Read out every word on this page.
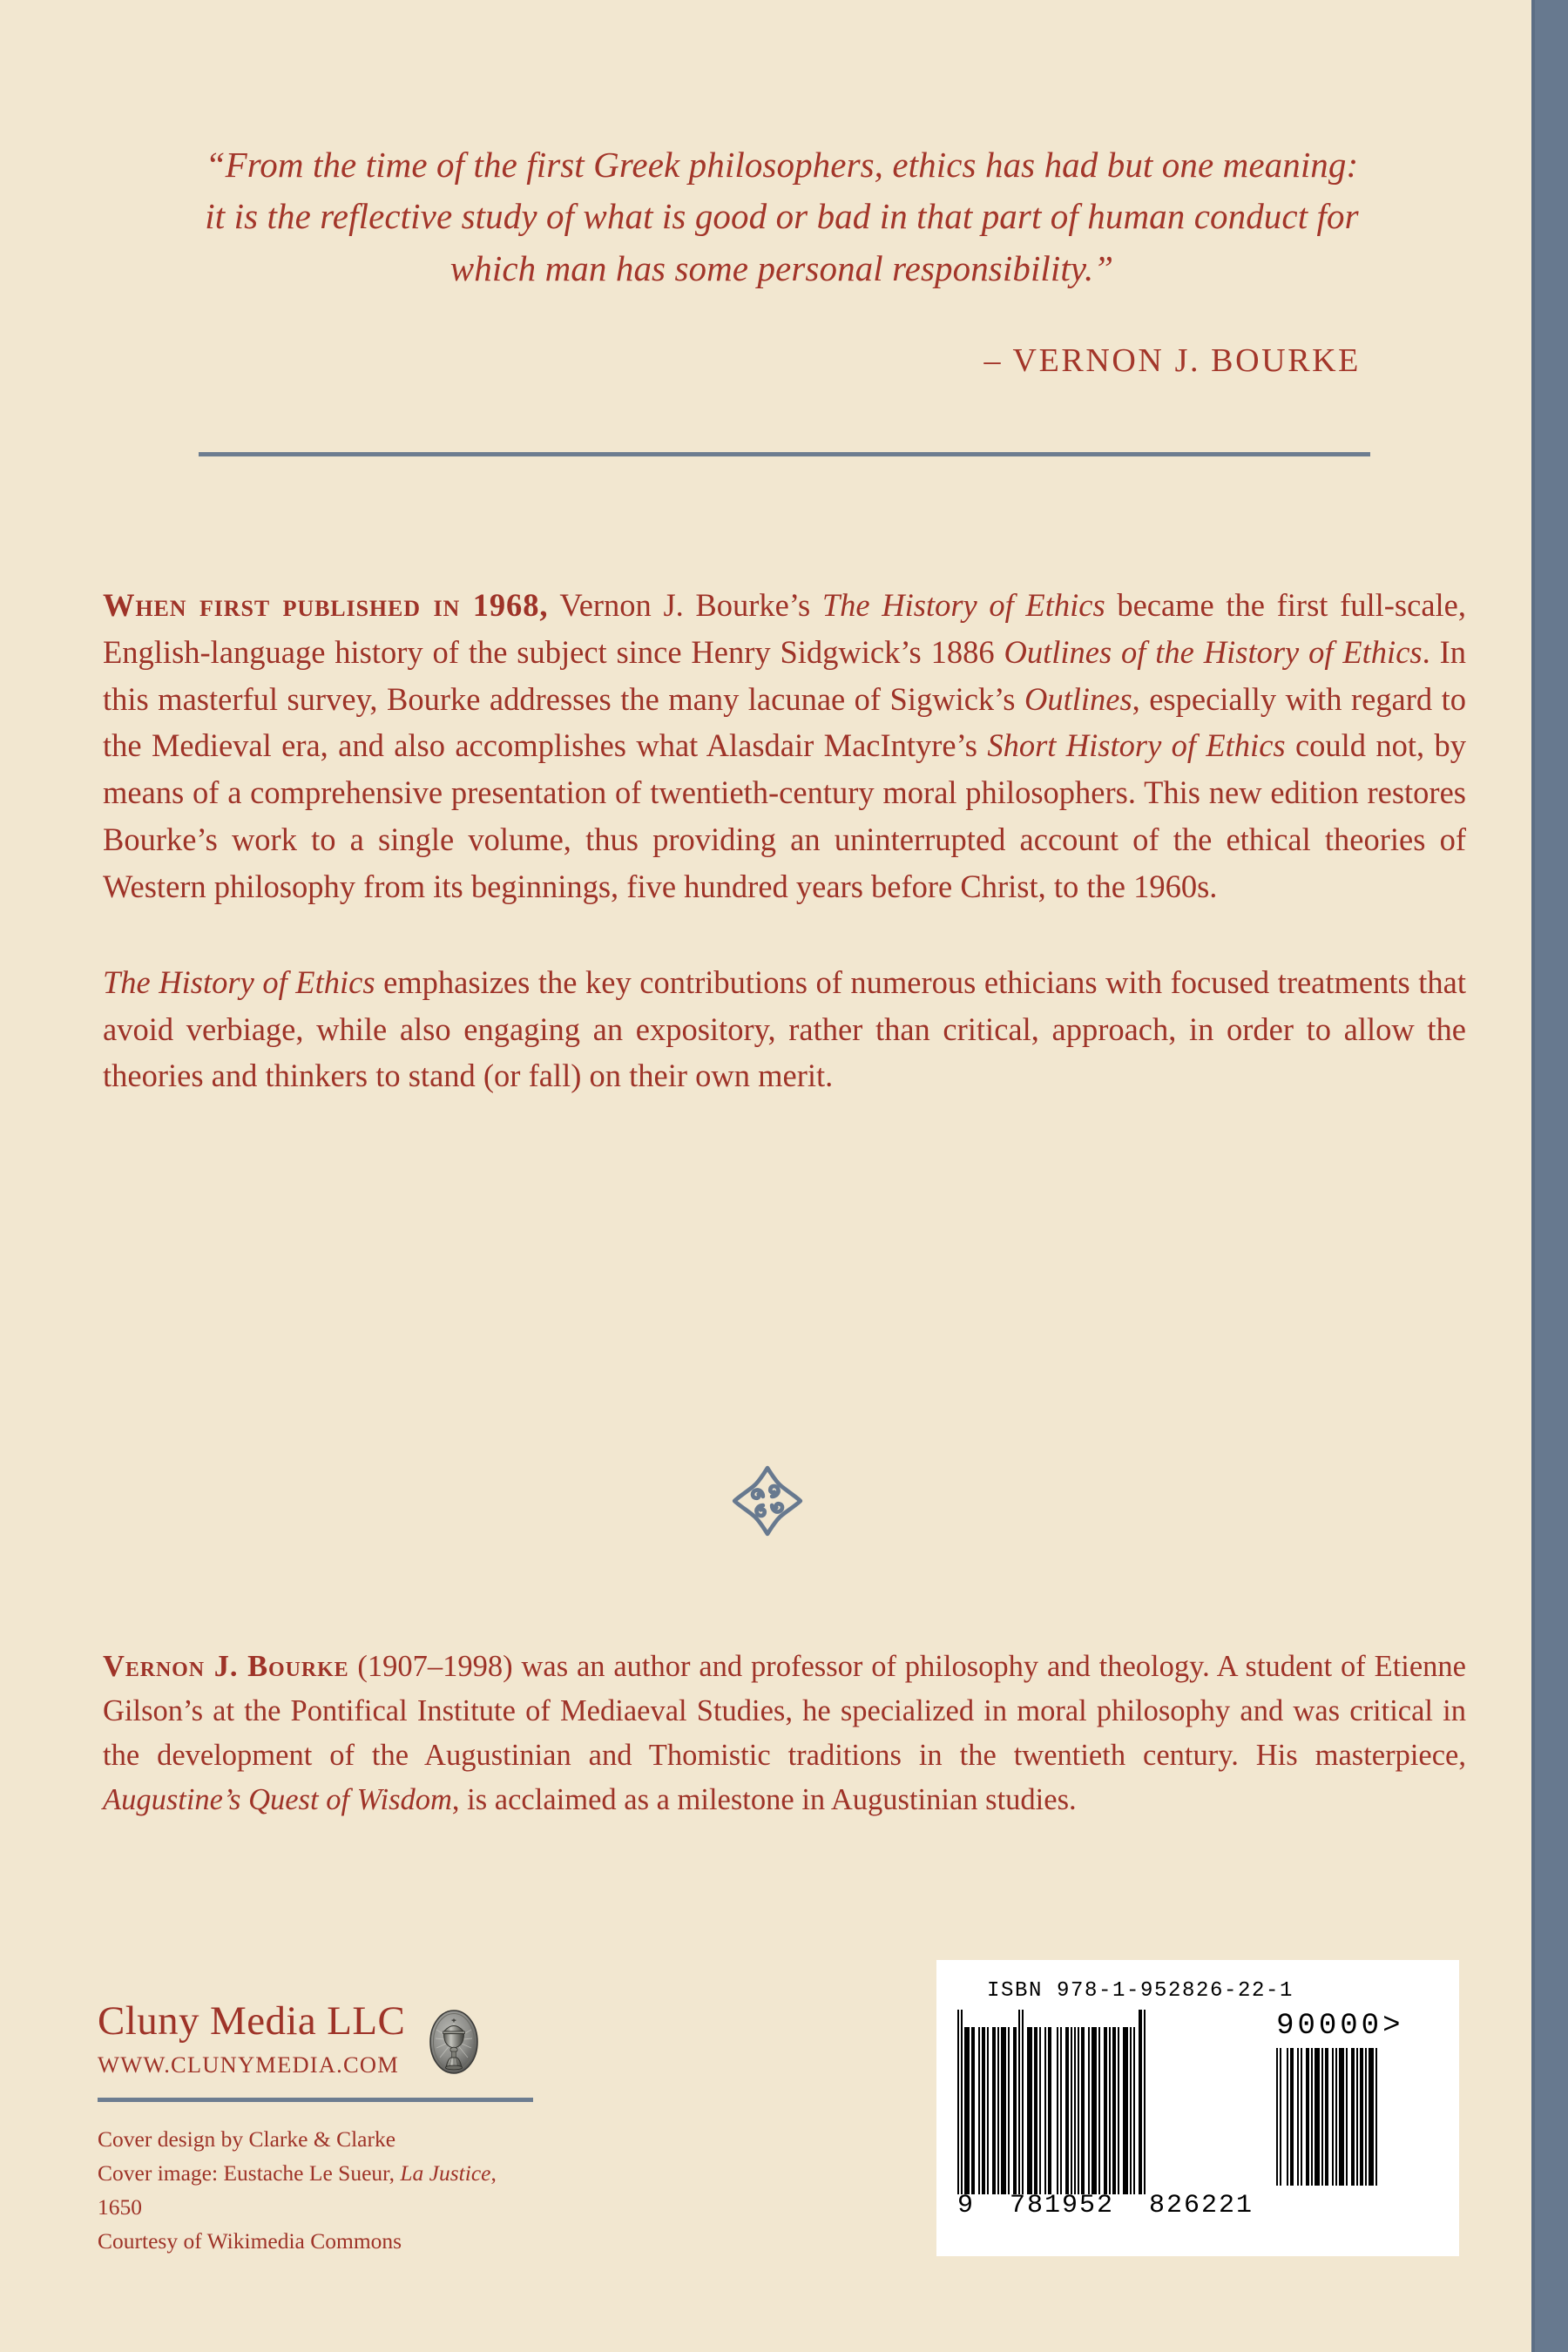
“From the time of the first Greek philosophers, ethics has had but one meaning: it is the reflective study of what is good or bad in that part of human conduct for which man has some personal responsibility.”
– VERNON J. BOURKE

When first published in 1968, Vernon J. Bourke’s The History of Ethics became the first full-scale, English-language history of the subject since Henry Sidgwick’s 1886 Outlines of the History of Ethics. In this masterful survey, Bourke addresses the many lacunae of Sigwick’s Outlines, especially with regard to the Medieval era, and also accomplishes what Alasdair MacIntyre’s Short History of Ethics could not, by means of a comprehensive presentation of twentieth-century moral philosophers. This new edition restores Bourke’s work to a single volume, thus providing an uninterrupted account of the ethical theories of Western philosophy from its beginnings, five hundred years before Christ, to the 1960s.

The History of Ethics emphasizes the key contributions of numerous ethicians with focused treatments that avoid verbiage, while also engaging an expository, rather than critical, approach, in order to allow the theories and thinkers to stand (or fall) on their own merit.

Vernon J. Bourke (1907–1998) was an author and professor of philosophy and theology. A student of Etienne Gilson’s at the Pontifical Institute of Mediaeval Studies, he specialized in moral philosophy and was critical in the development of the Augustinian and Thomistic traditions in the twentieth century. His masterpiece, Augustine’s Quest of Wisdom, is acclaimed as a milestone in Augustinian studies.

Cluny Media LLC
WWW.CLUNYMEDIA.COM
Cover design by Clarke & Clarke
Cover image: Eustache Le Sueur, La Justice, 1650
Courtesy of Wikimedia Commons
ISBN 978-1-952826-22-1
9  781952  826221
90000>
